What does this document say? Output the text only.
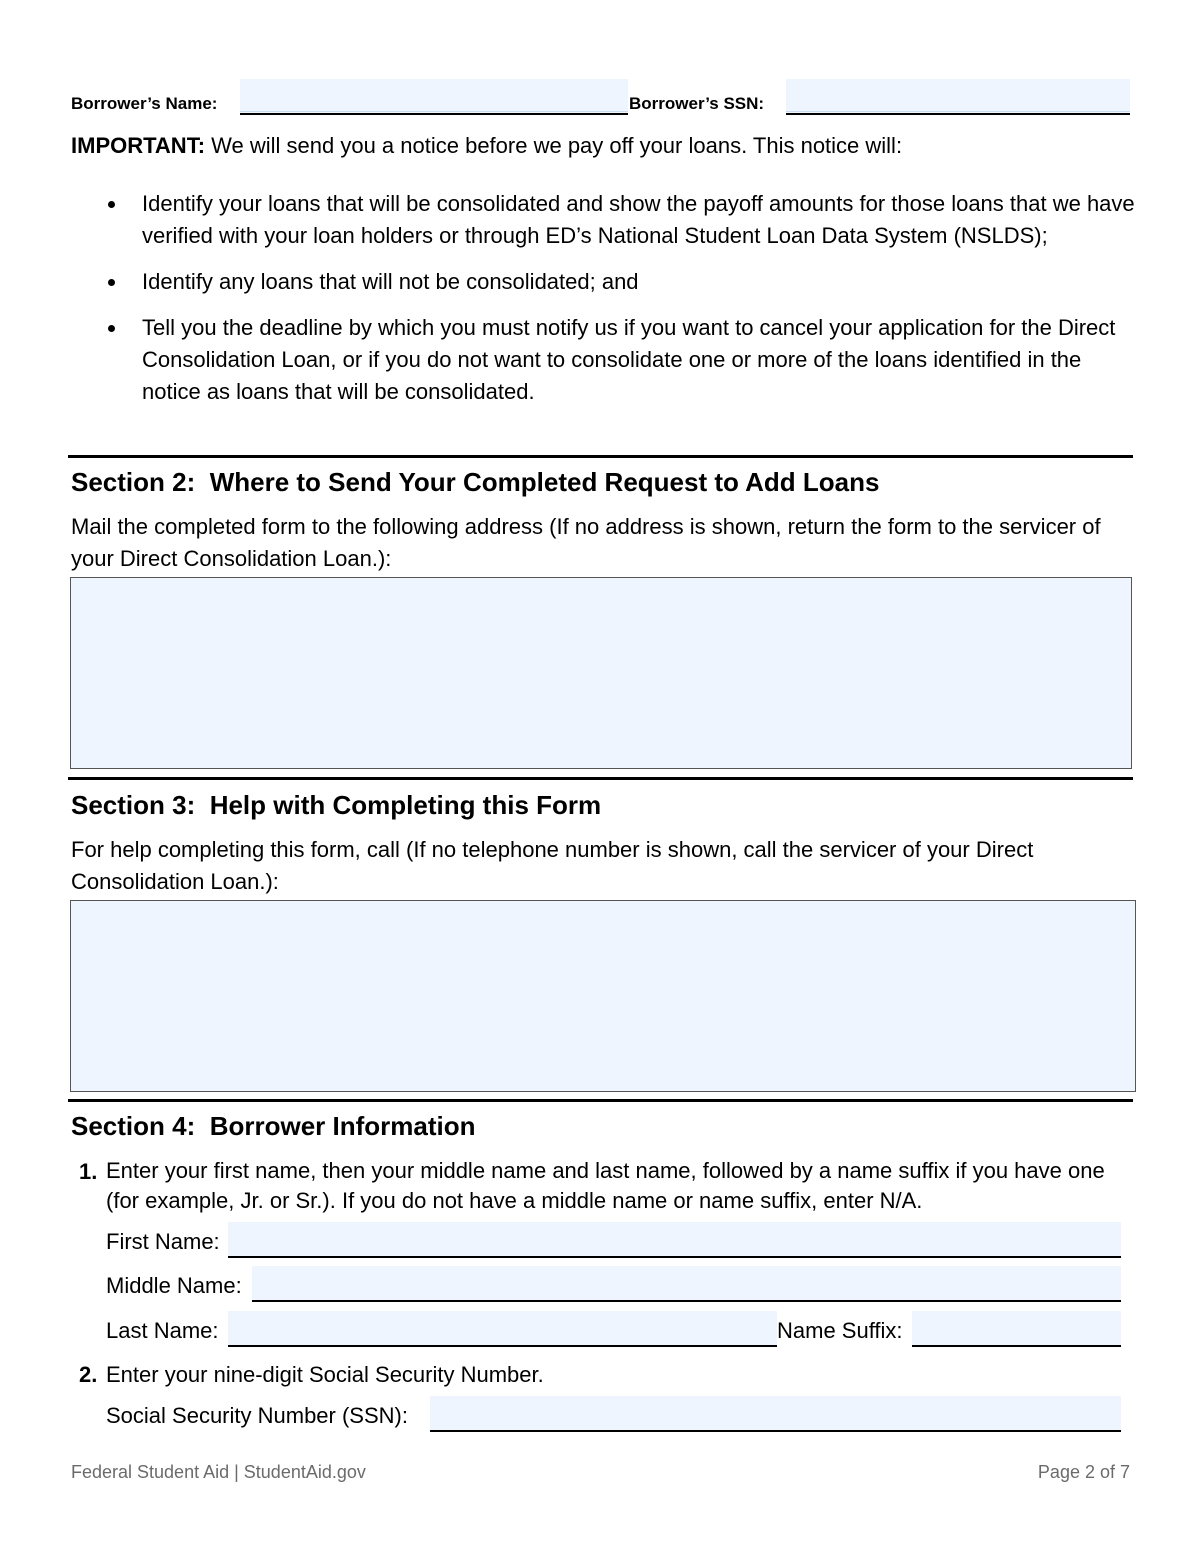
Borrower’s Name:	Borrower’s SSN:
IMPORTANT: We will send you a notice before we pay off your loans. This notice will:
Identify your loans that will be consolidated and show the payoff amounts for those loans that we have verified with your loan holders or through ED’s National Student Loan Data System (NSLDS);
Identify any loans that will not be consolidated; and
Tell you the deadline by which you must notify us if you want to cancel your application for the Direct Consolidation Loan, or if you do not want to consolidate one or more of the loans identified in the notice as loans that will be consolidated.
Section 2:  Where to Send Your Completed Request to Add Loans
Mail the completed form to the following address (If no address is shown, return the form to the servicer of your Direct Consolidation Loan.):
Section 3:  Help with Completing this Form
For help completing this form, call (If no telephone number is shown, call the servicer of your Direct Consolidation Loan.):
Section 4:  Borrower Information
1. Enter your first name, then your middle name and last name, followed by a name suffix if you have one (for example, Jr. or Sr.). If you do not have a middle name or name suffix, enter N/A.
First Name:
Middle Name:
Last Name:	Name Suffix:
2. Enter your nine-digit Social Security Number.
Social Security Number (SSN):
Federal Student Aid | StudentAid.gov	Page 2 of 7
